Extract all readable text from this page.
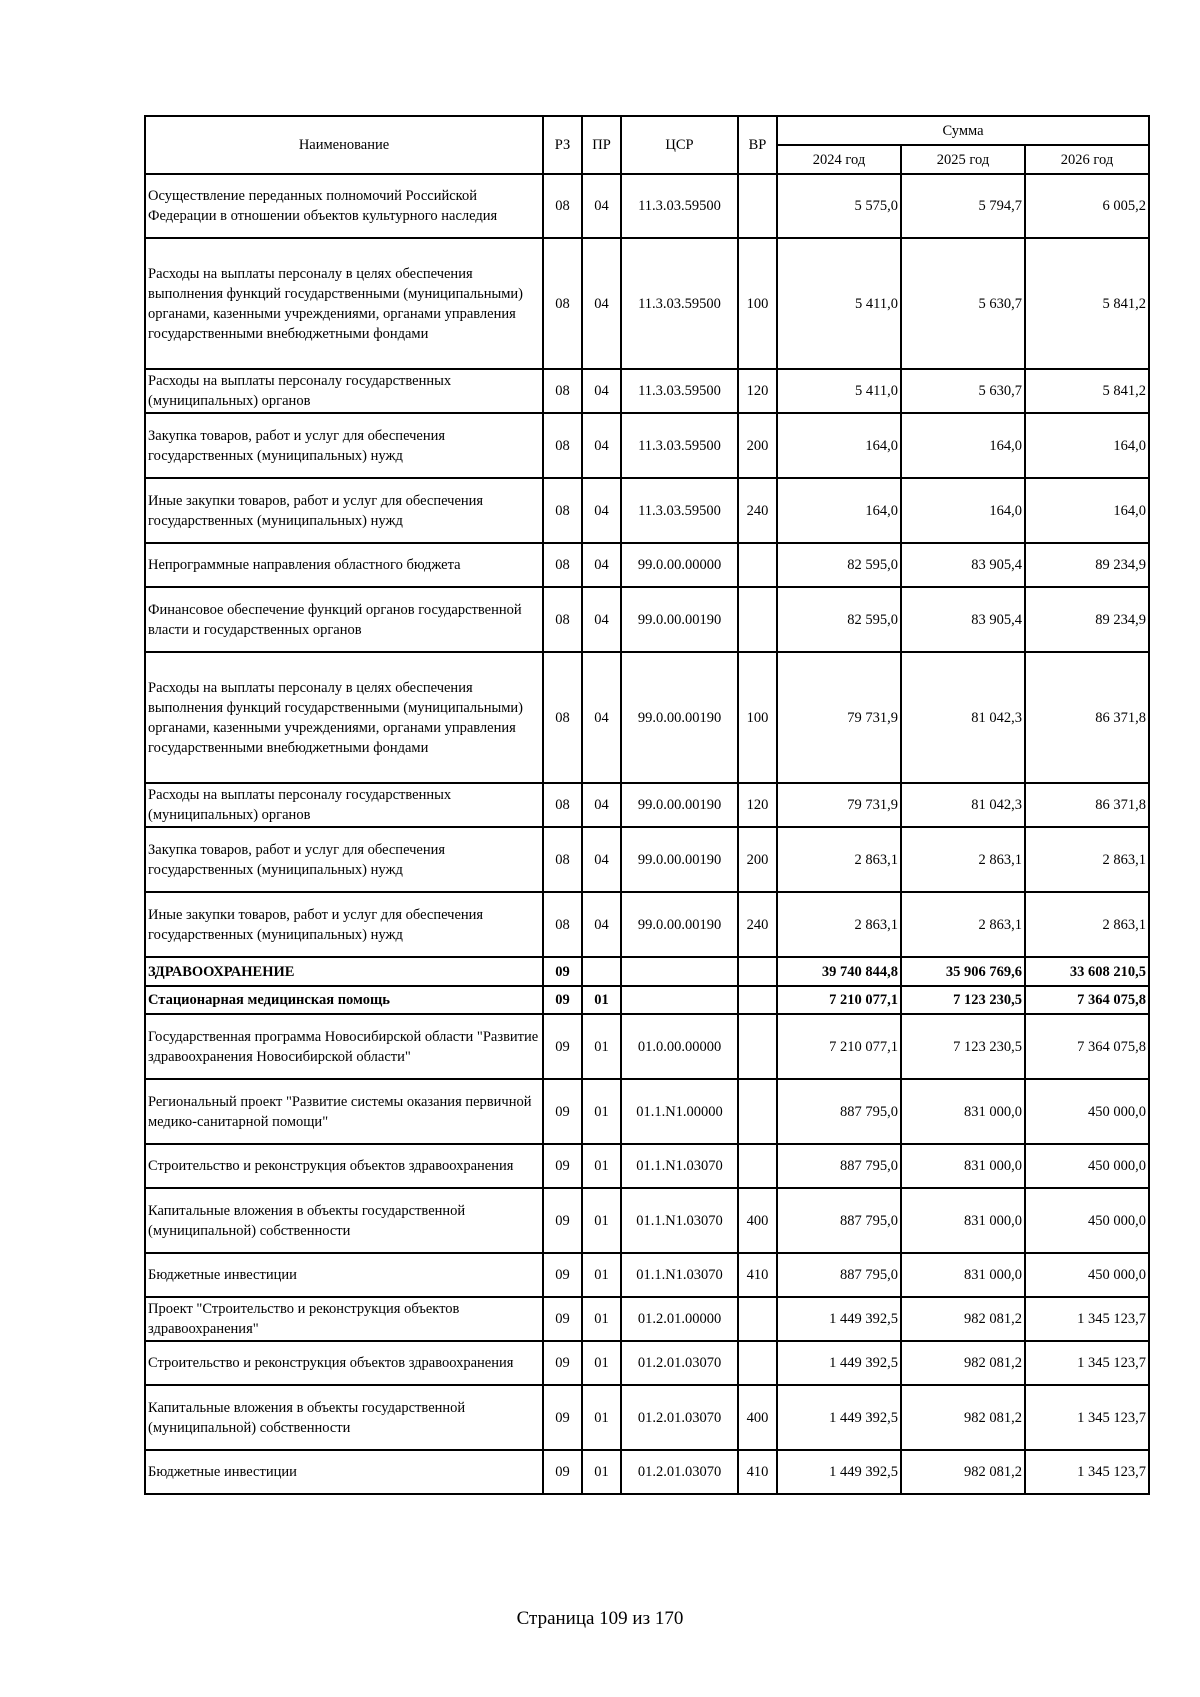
Наименование	РЗ	ПР	ЦСР	ВР	Сумма		
					2024 год	2025 год	2026 год
Осуществление переданных полномочий Российской Федерации в отношении объектов культурного наследия	08	04	11.3.03.59500		5 575,0	5 794,7	6 005,2
Расходы на выплаты персоналу в целях обеспечения выполнения функций государственными (муниципальными) органами, казенными учреждениями, органами управления государственными внебюджетными фондами	08	04	11.3.03.59500	100	5 411,0	5 630,7	5 841,2
Расходы на выплаты персоналу государственных (муниципальных) органов	08	04	11.3.03.59500	120	5 411,0	5 630,7	5 841,2
Закупка товаров, работ и услуг для обеспечения государственных (муниципальных) нужд	08	04	11.3.03.59500	200	164,0	164,0	164,0
Иные закупки товаров, работ и услуг для обеспечения государственных (муниципальных) нужд	08	04	11.3.03.59500	240	164,0	164,0	164,0
Непрограммные направления областного бюджета	08	04	99.0.00.00000		82 595,0	83 905,4	89 234,9
Финансовое обеспечение функций органов государственной власти и государственных органов	08	04	99.0.00.00190		82 595,0	83 905,4	89 234,9
Расходы на выплаты персоналу в целях обеспечения выполнения функций государственными (муниципальными) органами, казенными учреждениями, органами управления государственными внебюджетными фондами	08	04	99.0.00.00190	100	79 731,9	81 042,3	86 371,8
Расходы на выплаты персоналу государственных (муниципальных) органов	08	04	99.0.00.00190	120	79 731,9	81 042,3	86 371,8
Закупка товаров, работ и услуг для обеспечения государственных (муниципальных) нужд	08	04	99.0.00.00190	200	2 863,1	2 863,1	2 863,1
Иные закупки товаров, работ и услуг для обеспечения государственных (муниципальных) нужд	08	04	99.0.00.00190	240	2 863,1	2 863,1	2 863,1
ЗДРАВООХРАНЕНИЕ	09				39 740 844,8	35 906 769,6	33 608 210,5
Стационарная медицинская помощь	09	01			7 210 077,1	7 123 230,5	7 364 075,8
Государственная программа Новосибирской области "Развитие здравоохранения Новосибирской области"	09	01	01.0.00.00000		7 210 077,1	7 123 230,5	7 364 075,8
Региональный проект "Развитие системы оказания первичной медико-санитарной помощи"	09	01	01.1.N1.00000		887 795,0	831 000,0	450 000,0
Строительство и реконструкция объектов здравоохранения	09	01	01.1.N1.03070		887 795,0	831 000,0	450 000,0
Капитальные вложения в объекты государственной (муниципальной) собственности	09	01	01.1.N1.03070	400	887 795,0	831 000,0	450 000,0
Бюджетные инвестиции	09	01	01.1.N1.03070	410	887 795,0	831 000,0	450 000,0
Проект "Строительство и реконструкция объектов здравоохранения"	09	01	01.2.01.00000		1 449 392,5	982 081,2	1 345 123,7
Строительство и реконструкция объектов здравоохранения	09	01	01.2.01.03070		1 449 392,5	982 081,2	1 345 123,7
Капитальные вложения в объекты государственной (муниципальной) собственности	09	01	01.2.01.03070	400	1 449 392,5	982 081,2	1 345 123,7
Бюджетные инвестиции	09	01	01.2.01.03070	410	1 449 392,5	982 081,2	1 345 123,7
Страница 109 из 170
